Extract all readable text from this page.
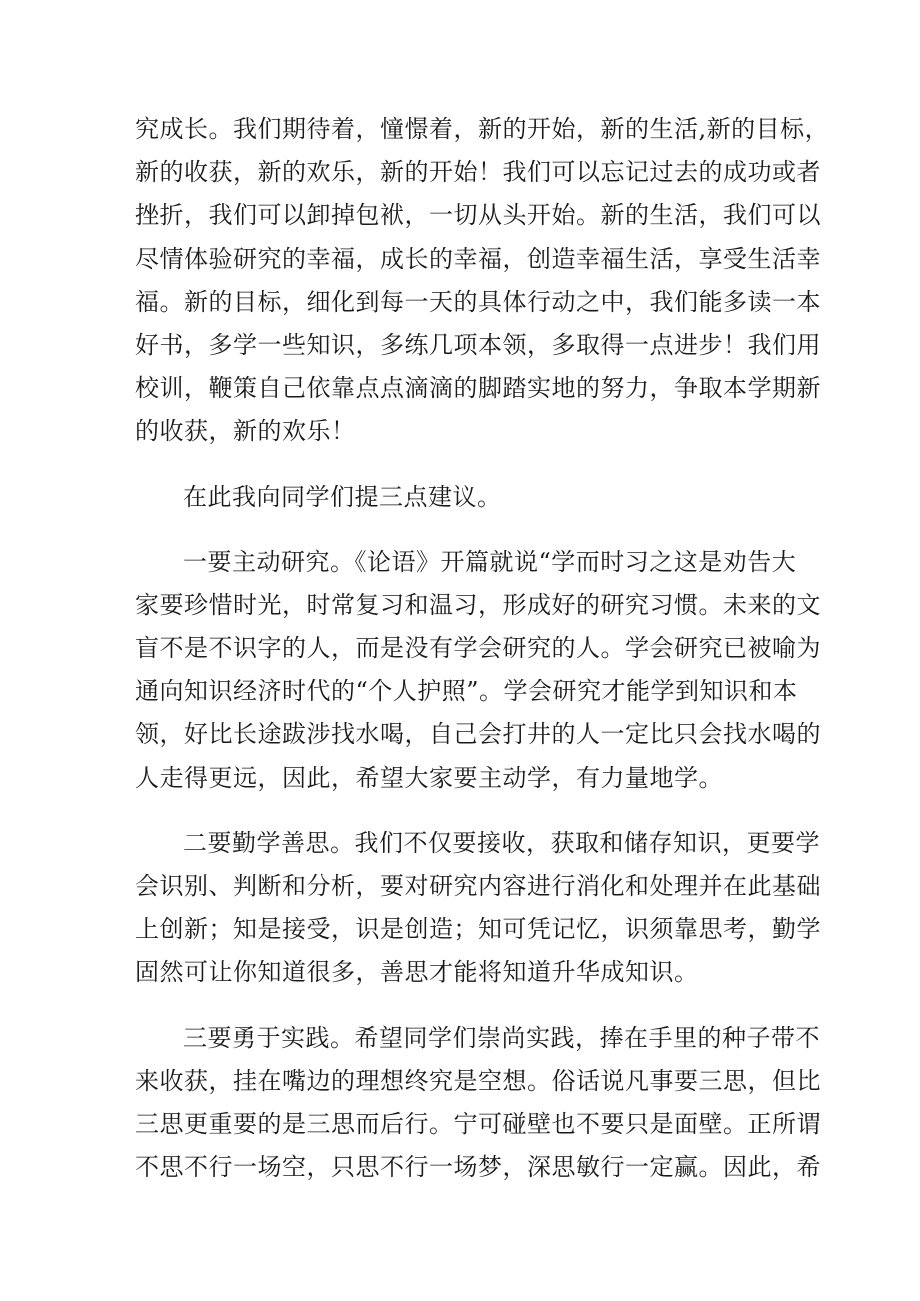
究成长。我们期待着，憧憬着，新的开始，新的生活,新的目标，
新的收获，新的欢乐，新的开始！我们可以忘记过去的成功或者
挫折，我们可以卸掉包袱，一切从头开始。新的生活，我们可以
尽情体验研究的幸福，成长的幸福，创造幸福生活，享受生活幸
福。新的目标，细化到每一天的具体行动之中，我们能多读一本
好书，多学一些知识，多练几项本领，多取得一点进步！我们用
校训，鞭策自己依靠点点滴滴的脚踏实地的努力，争取本学期新
的收获，新的欢乐！
在此我向同学们提三点建议。
一要主动研究。《论语》开篇就说“学而时习之这是劝告大
家要珍惜时光，时常复习和温习，形成好的研究习惯。未来的文
盲不是不识字的人，而是没有学会研究的人。学会研究已被喻为
通向知识经济时代的“个人护照”。学会研究才能学到知识和本
领，好比长途跋涉找水喝，自己会打井的人一定比只会找水喝的
人走得更远，因此，希望大家要主动学，有力量地学。
二要勤学善思。我们不仅要接收，获取和储存知识，更要学
会识别、判断和分析，要对研究内容进行消化和处理并在此基础
上创新；知是接受，识是创造；知可凭记忆，识须靠思考，勤学
固然可让你知道很多，善思才能将知道升华成知识。
三要勇于实践。希望同学们崇尚实践，捧在手里的种子带不
来收获，挂在嘴边的理想终究是空想。俗话说凡事要三思，但比
三思更重要的是三思而后行。宁可碰壁也不要只是面壁。正所谓
不思不行一场空，只思不行一场梦，深思敏行一定赢。因此，希
